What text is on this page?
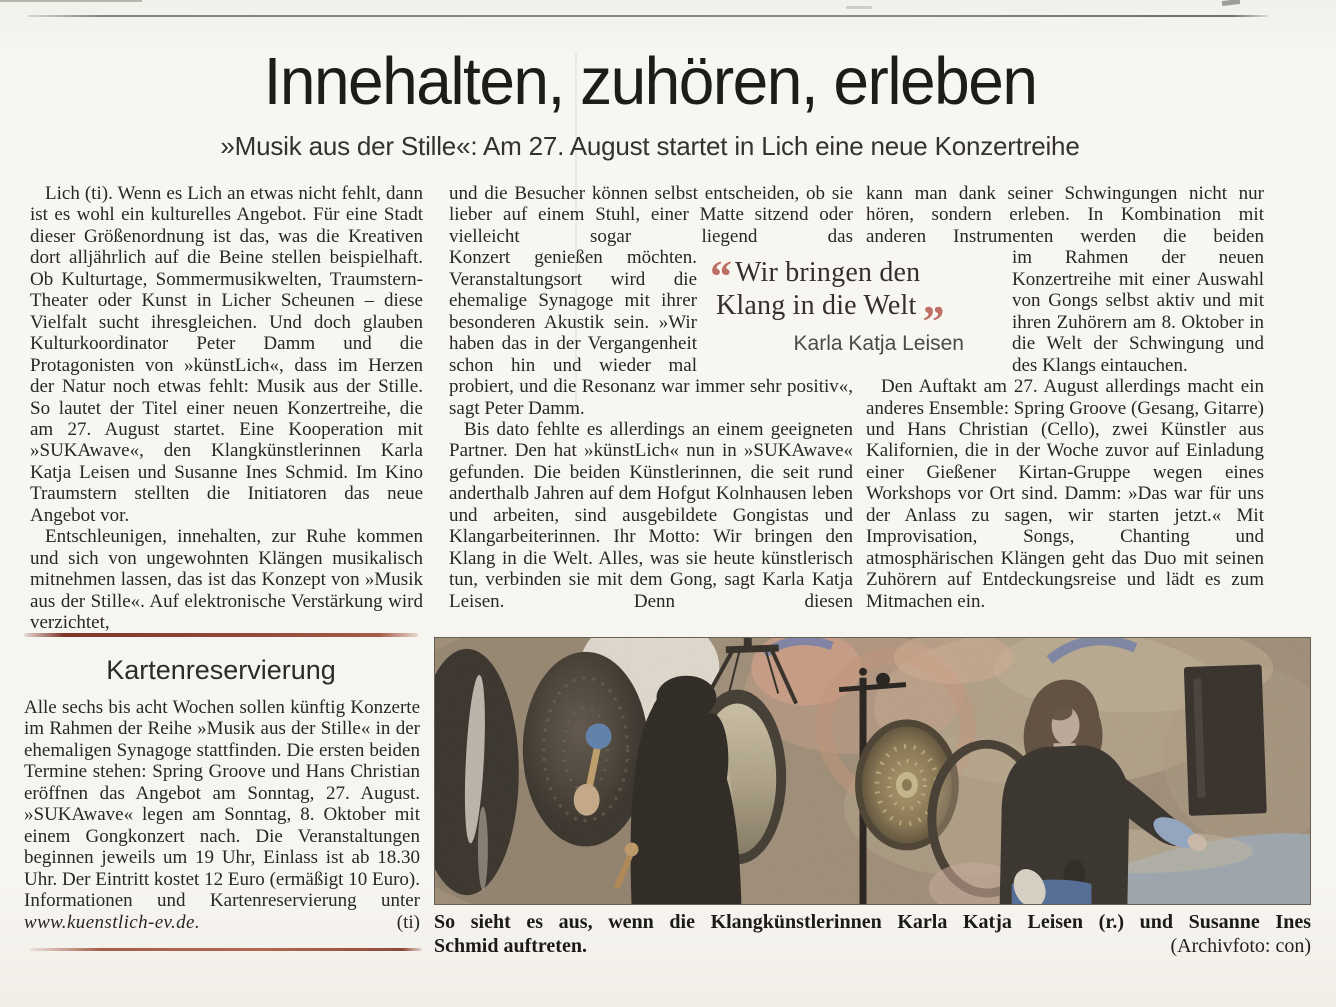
Innehalten, zuhören, erleben
»Musik aus der Stille«: Am 27. August startet in Lich eine neue Konzertreihe

Lich (ti). Wenn es Lich an etwas nicht fehlt, dann ist es wohl ein kulturelles Angebot. Für eine Stadt dieser Größenordnung ist das, was die Kreativen dort alljährlich auf die Beine stellen beispielhaft. Ob Kulturtage, Sommermusikwelten, Traumstern-Theater oder Kunst in Licher Scheunen – diese Vielfalt sucht ihresgleichen. Und doch glauben Kulturkoordinator Peter Damm und die Protagonisten von »künstLich«, dass im Herzen der Natur noch etwas fehlt: Musik aus der Stille. So lautet der Titel einer neuen Konzertreihe, die am 27. August startet. Eine Kooperation mit »SUKAwave«, den Klangkünstlerinnen Karla Katja Leisen und Susanne Ines Schmid. Im Kino Traumstern stellten die Initiatoren das neue Angebot vor.

Entschleunigen, innehalten, zur Ruhe kommen und sich von ungewohnten Klängen musikalisch mitnehmen lassen, das ist das Konzept von »Musik aus der Stille«. Auf elektronische Verstärkung wird verzichtet,

und die Besucher können selbst entscheiden, ob sie lieber auf einem Stuhl, einer Matte sitzend oder vielleicht sogar liegend das

Konzert genießen möchten. Veranstaltungsort wird die ehemalige Synagoge mit ihrer besonderen Akustik sein. »Wir haben das in der Vergangenheit schon hin und wieder mal

probiert, und die Resonanz war immer sehr positiv«, sagt Peter Damm.

Bis dato fehlte es allerdings an einem geeigneten Partner. Den hat »künstLich« nun in »SUKAwave« gefunden. Die beiden Künstlerinnen, die seit rund anderthalb Jahren auf dem Hofgut Kolnhausen leben und arbeiten, sind ausgebildete Gongistas und Klangarbeiterinnen. Ihr Motto: Wir bringen den Klang in die Welt. Alles, was sie heute künstlerisch tun, verbinden sie mit dem Gong, sagt Karla Katja Leisen. Denn diesen

kann man dank seiner Schwingungen nicht nur hören, sondern erleben. In Kombination mit anderen Instrumenten werden die beiden

im Rahmen der neuen Konzertreihe mit einer Auswahl von Gongs selbst aktiv und mit ihren Zuhörern am 8. Oktober in die Welt der Schwingung und des Klangs eintauchen.

Den Auftakt am 27. August allerdings macht ein anderes Ensemble: Spring Groove (Gesang, Gitarre) und Hans Christian (Cello), zwei Künstler aus Kalifornien, die in der Woche zuvor auf Einladung einer Gießener Kirtan-Gruppe wegen eines Workshops vor Ort sind. Damm: »Das war für uns der Anlass zu sagen, wir starten jetzt.« Mit Improvisation, Songs, Chanting und atmosphärischen Klängen geht das Duo mit seinen Zuhörern auf Entdeckungsreise und lädt es zum Mitmachen ein.

“ Wir bringen den
Klang in die Welt ”
Karla Katja Leisen
Kartenreservierung

Alle sechs bis acht Wochen sollen künftig Konzerte im Rahmen der Reihe »Musik aus der Stille« in der ehemaligen Synagoge stattfinden. Die ersten beiden Termine stehen: Spring Groove und Hans Christian eröffnen das Angebot am Sonntag, 27. August. »SUKAwave« legen am Sonntag, 8. Oktober mit einem Gongkonzert nach. Die Veranstaltungen beginnen jeweils um 19 Uhr, Einlass ist ab 18.30 Uhr. Der Eintritt kostet 12 Euro (ermäßigt 10 Euro). Informationen und Kartenreservierung unter

www.kuenstlich-ev.de.	(ti) So sieht es aus, wenn die Klangkünstlerinnen Karla Katja Leisen (r.) und Susanne Ines
Schmid auftreten.	(Archivfoto: con)
